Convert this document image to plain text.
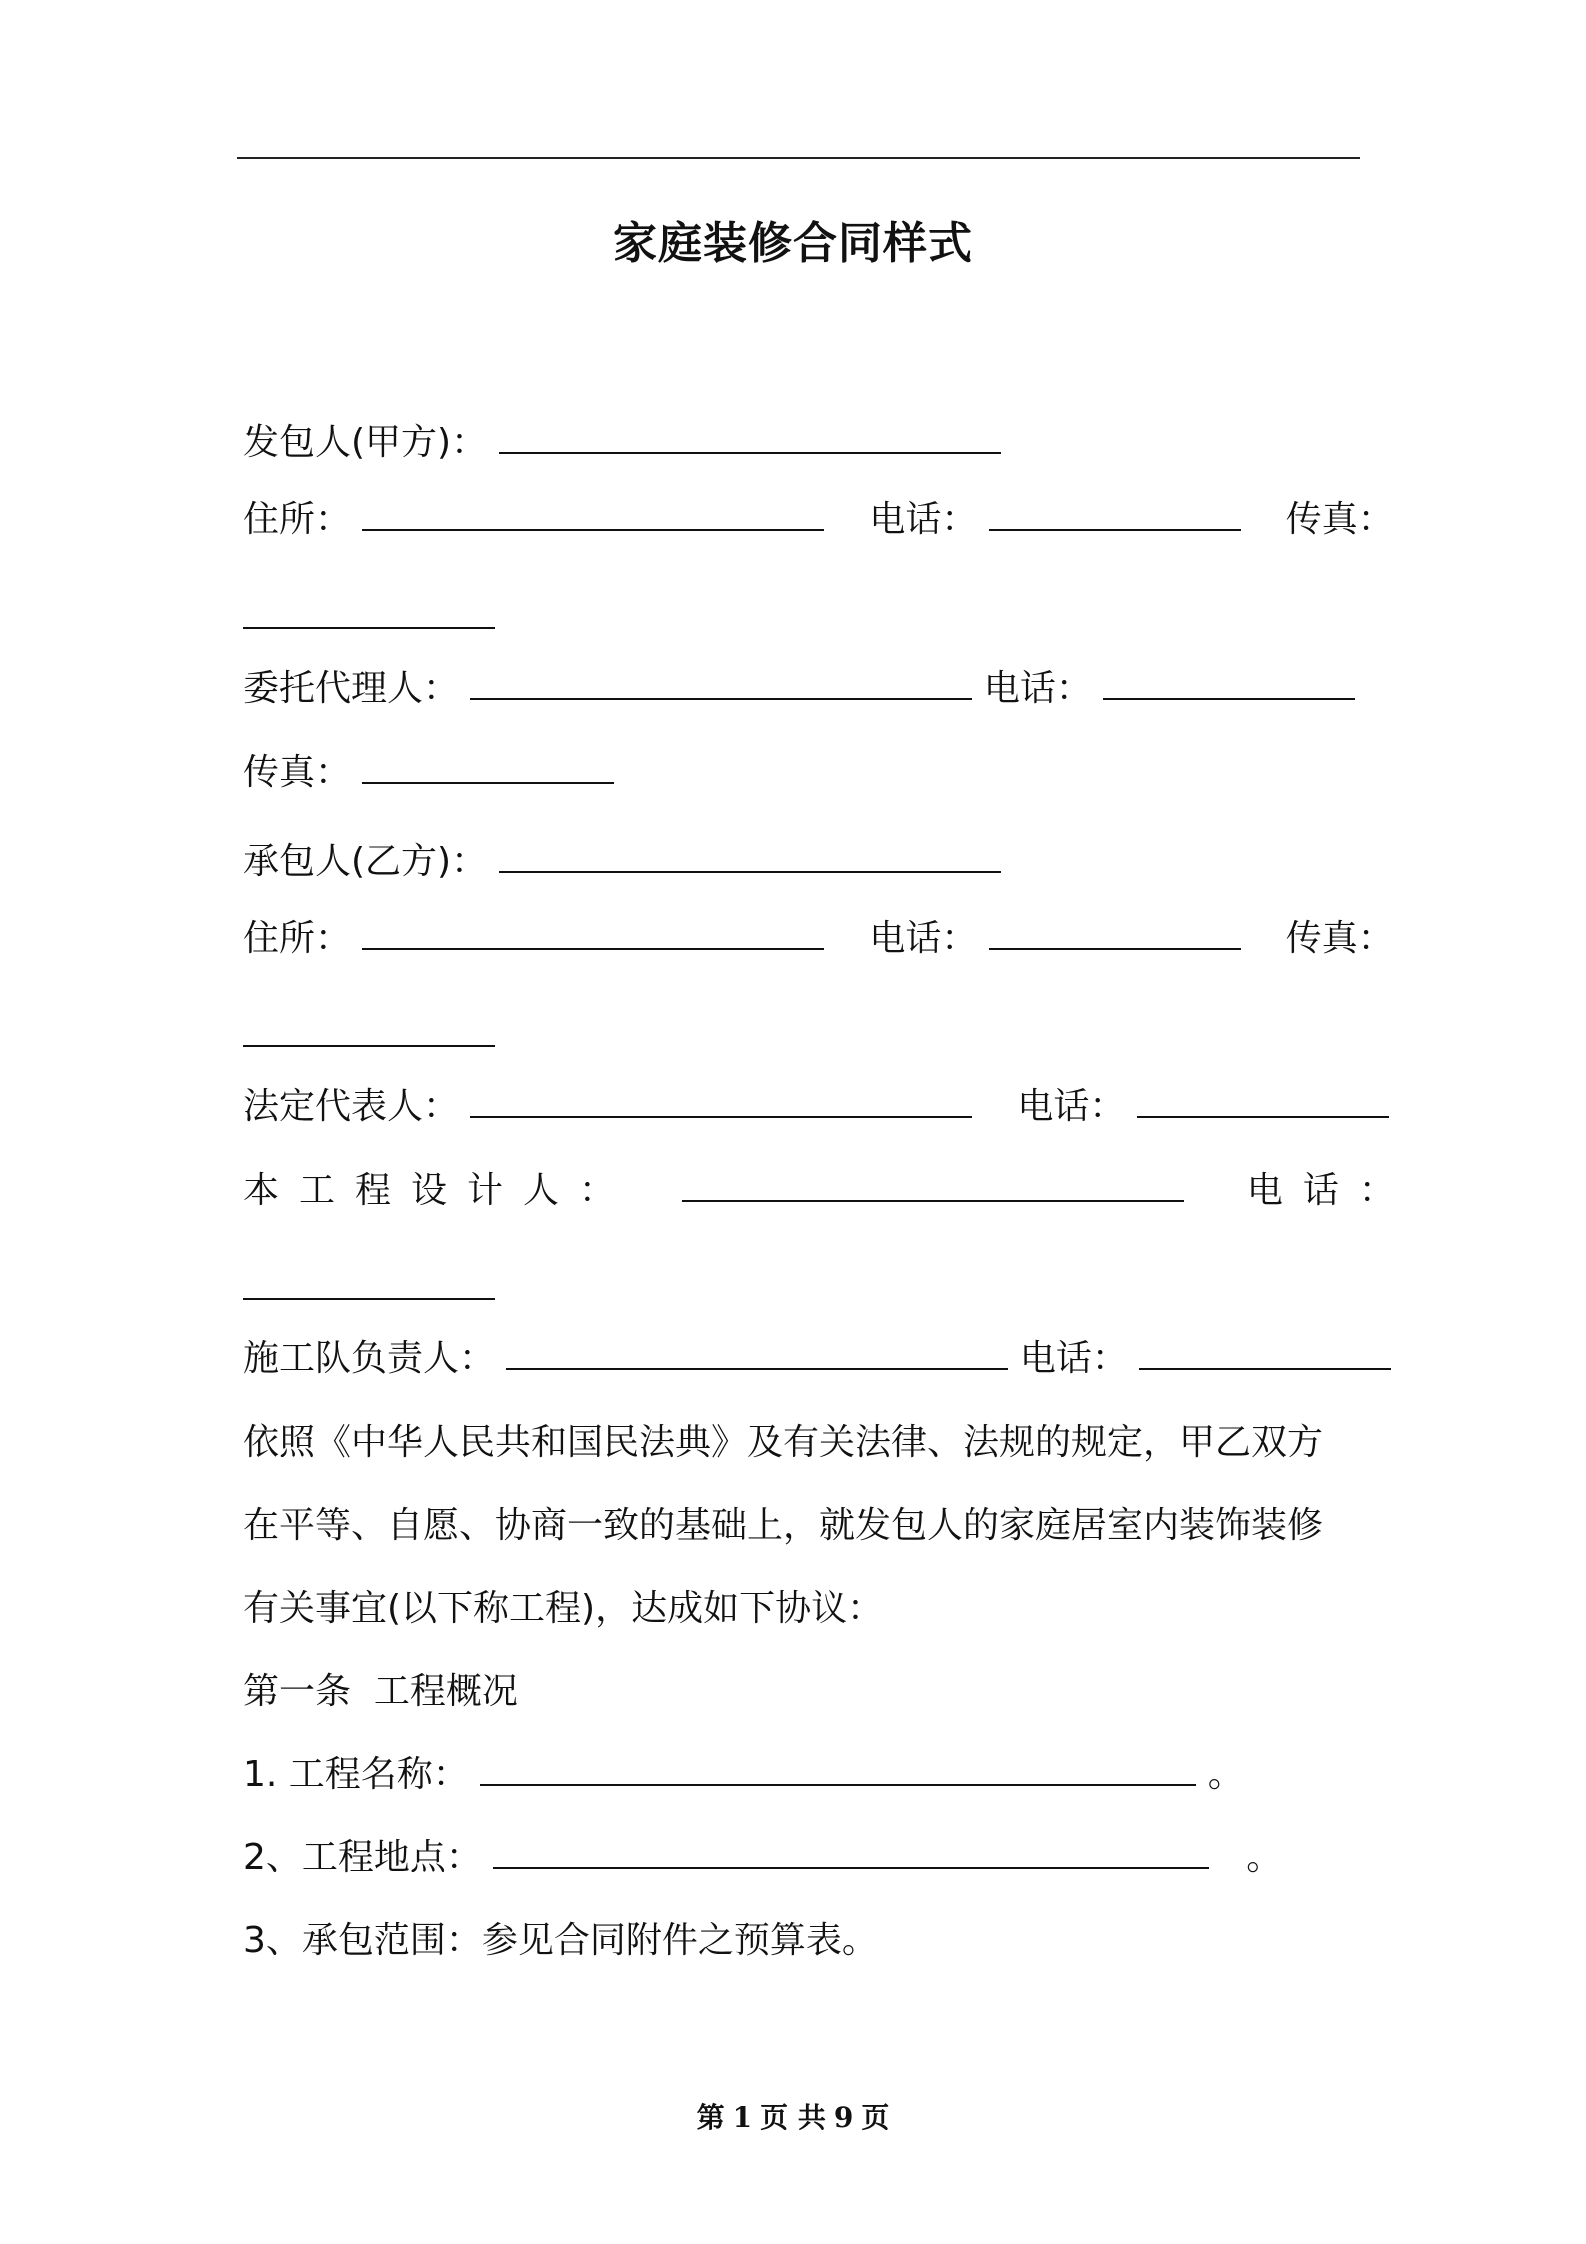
家庭装修合同样式
发包人(甲方)：
住所：	电话：	传真：
委托代理人：	电话：
传真：
承包人(乙方)：
住所：	电话：	传真：
法定代表人：	电话：
本工程设计人：	电话：
施工队负责人：	电话：
依照《中华人民共和国民法典》及有关法律、法规的规定，甲乙双方
在平等、自愿、协商一致的基础上，就发包人的家庭居室内装饰装修
有关事宜(以下称工程)，达成如下协议：
第一条  工程概况
1. 工程名称：	。
2、工程地点：	。
3、承包范围：参见合同附件之预算表。
第 1 页 共 9 页
